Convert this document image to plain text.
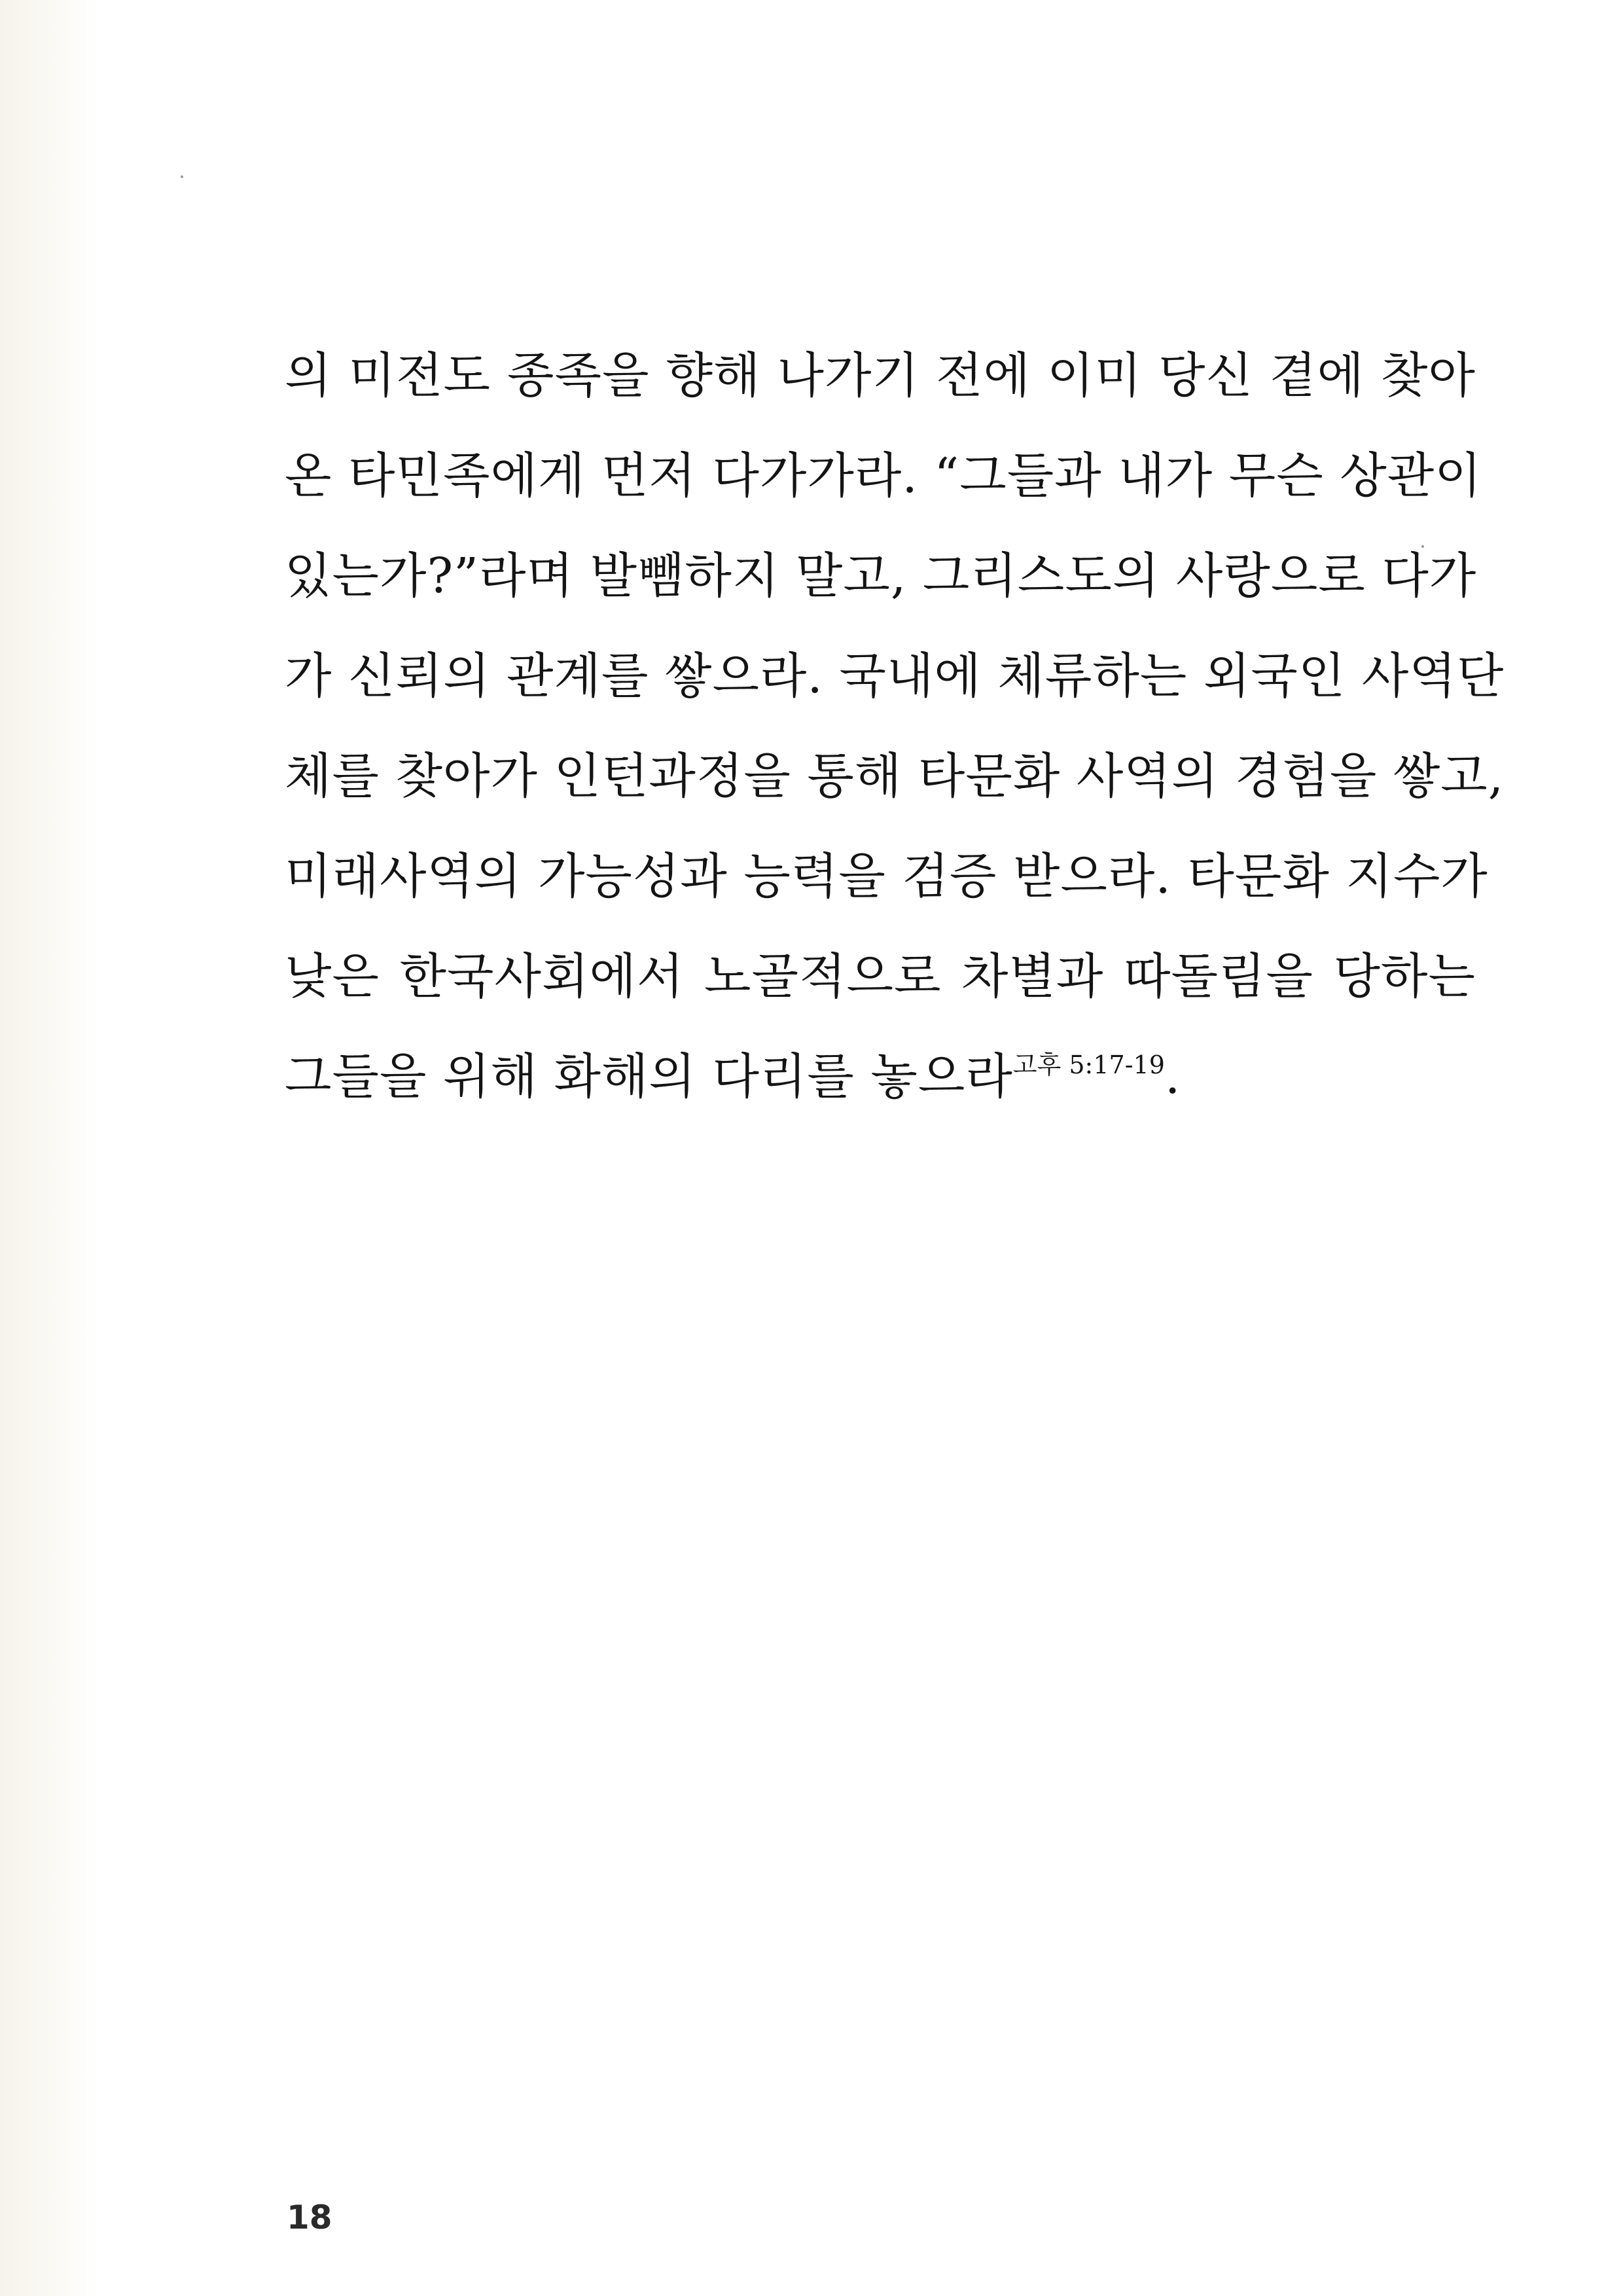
의 미전도 종족을 향해 나가기 전에 이미 당신 곁에 찾아
온 타민족에게 먼저 다가가라. “그들과 내가 무슨 상관이
있는가?”라며 발뺌하지 말고, 그리스도의 사랑으로 다가
가 신뢰의 관계를 쌓으라. 국내에 체류하는 외국인 사역단
체를 찾아가 인턴과정을 통해 타문화 사역의 경험을 쌓고,
미래사역의 가능성과 능력을 검증 받으라. 타문화 지수가
낮은 한국사회에서 노골적으로 차별과 따돌림을 당하는
그들을 위해 화해의 다리를 놓으라$^{고후 5:17-19}$.
18
